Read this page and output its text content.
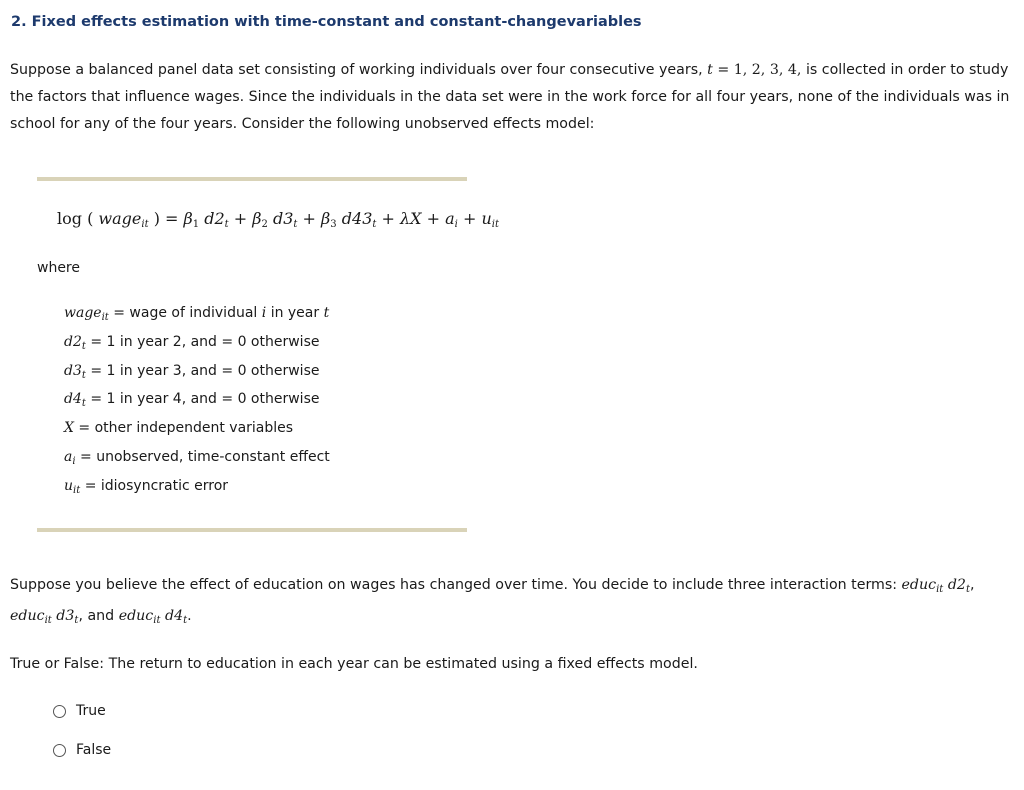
2. Fixed effects estimation with time-constant and constant-changevariables
Suppose a balanced panel data set consisting of working individuals over four consecutive years, t = 1, 2, 3, 4, is collected in order to study the factors that influence wages. Since the individuals in the data set were in the work force for all four years, none of the individuals was in school for any of the four years. Consider the following unobserved effects model:
log ( wage$_{it}$ ) = $\beta_1$ $d2_t + \beta_2$ $d3_t + \beta_3$ $d43_t + \lambda X + a_i + u_{it}$
where
wage$_{it}$ = wage of individual i in year t
$d2_t = 1$ in year 2, and = 0 otherwise
$d3_t = 1$ in year 3, and = 0 otherwise
$d4_t = 1$ in year 4, and = 0 otherwise
X = other independent variables
$a_i$ = unobserved, time-constant effect
$u_{it}$ = idiosyncratic error
Suppose you believe the effect of education on wages has changed over time. You decide to include three interaction terms: educ$_{it}$ $d2_t$, educ$_{it}$ $d3_t$, and educ$_{it}$ $d4_t$.
True or False: The return to education in each year can be estimated using a fixed effects model.
True
False
